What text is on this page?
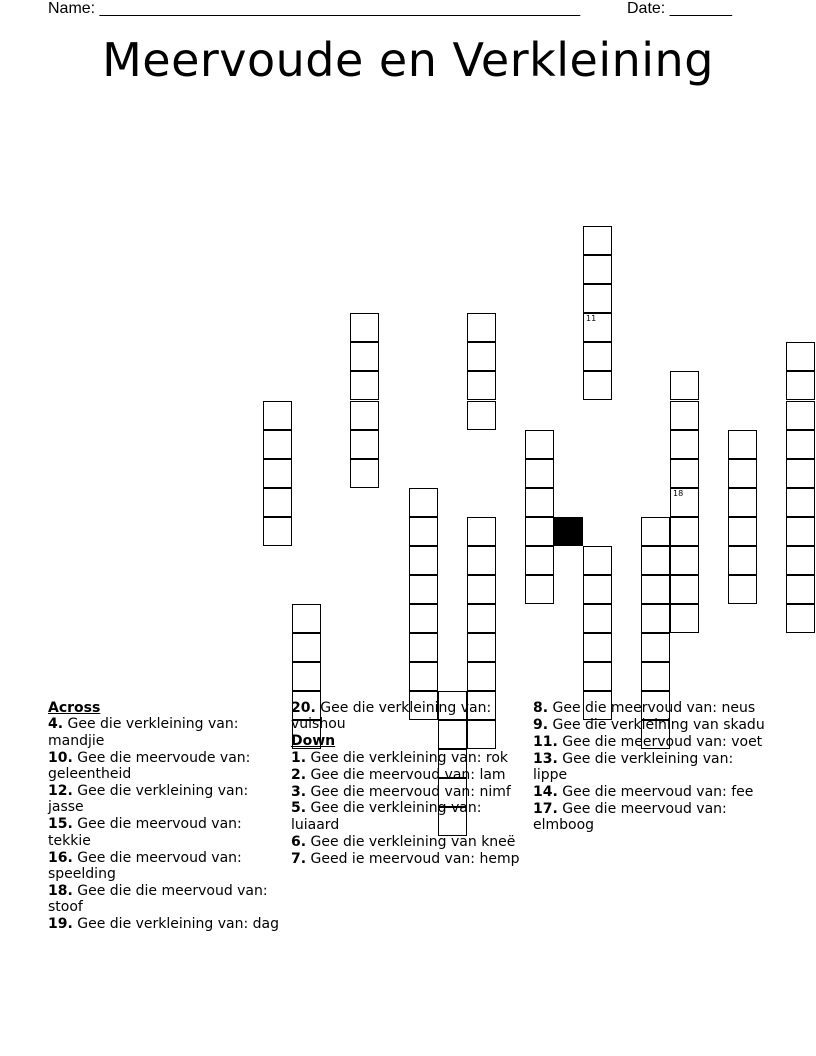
Name: ______________________________________________________	Date: _______
Meervoude en Verkleining
11
18
Across
4. Gee die verkleining van: mandjie
10. Gee die meervoude van: geleentheid
12. Gee die verkleining van: jasse
15. Gee die meervoud van: tekkie
16. Gee die meervoud van: speelding
18. Gee die die meervoud van: stoof
19. Gee die verkleining van: dag
20. Gee die verkleining van: vuishou
Down
1. Gee die verkleining van: rok
2. Gee die meervoud van: lam
3. Gee die meervoud van: nimf
5. Gee die verkleining van: luiaard
6. Gee die verkleining van kneë
7. Geed ie meervoud van: hemp
8. Gee die meervoud van: neus
9. Gee die verkleining van skadu
11. Gee die meervoud van: voet
13. Gee die verkleining van: lippe
14. Gee die meervoud van: fee
17. Gee die meervoud van: elmboog
